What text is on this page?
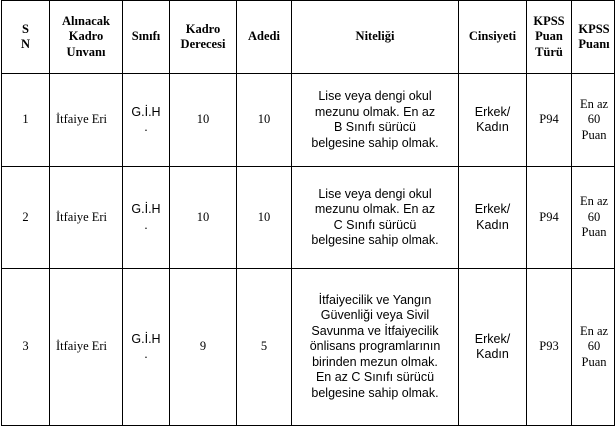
S N	Alınacak Kadro Unvanı	Sınıfı	Kadro Derecesi	Adedi	Niteliği	Cinsiyeti	KPSS Puan Türü	KPSS Puanı
1	İtfaiye Eri	G.İ.H .	10	10	Lise veya dengi okul mezunu olmak. En az B Sınıfı sürücü belgesine sahip olmak.	Erkek/ Kadın	P94	En az 60 Puan
2	İtfaiye Eri	G.İ.H .	10	10	Lise veya dengi okul mezunu olmak. En az C Sınıfı sürücü belgesine sahip olmak.	Erkek/ Kadın	P94	En az 60 Puan
3	İtfaiye Eri	G.İ.H .	9	5	İtfaiyecilik ve Yangın Güvenliği veya Sivil Savunma ve İtfaiyecilik önlisans programlarının birinden mezun olmak. En az C Sınıfı sürücü belgesine sahip olmak.	Erkek/ Kadın	P93	En az 60 Puan
